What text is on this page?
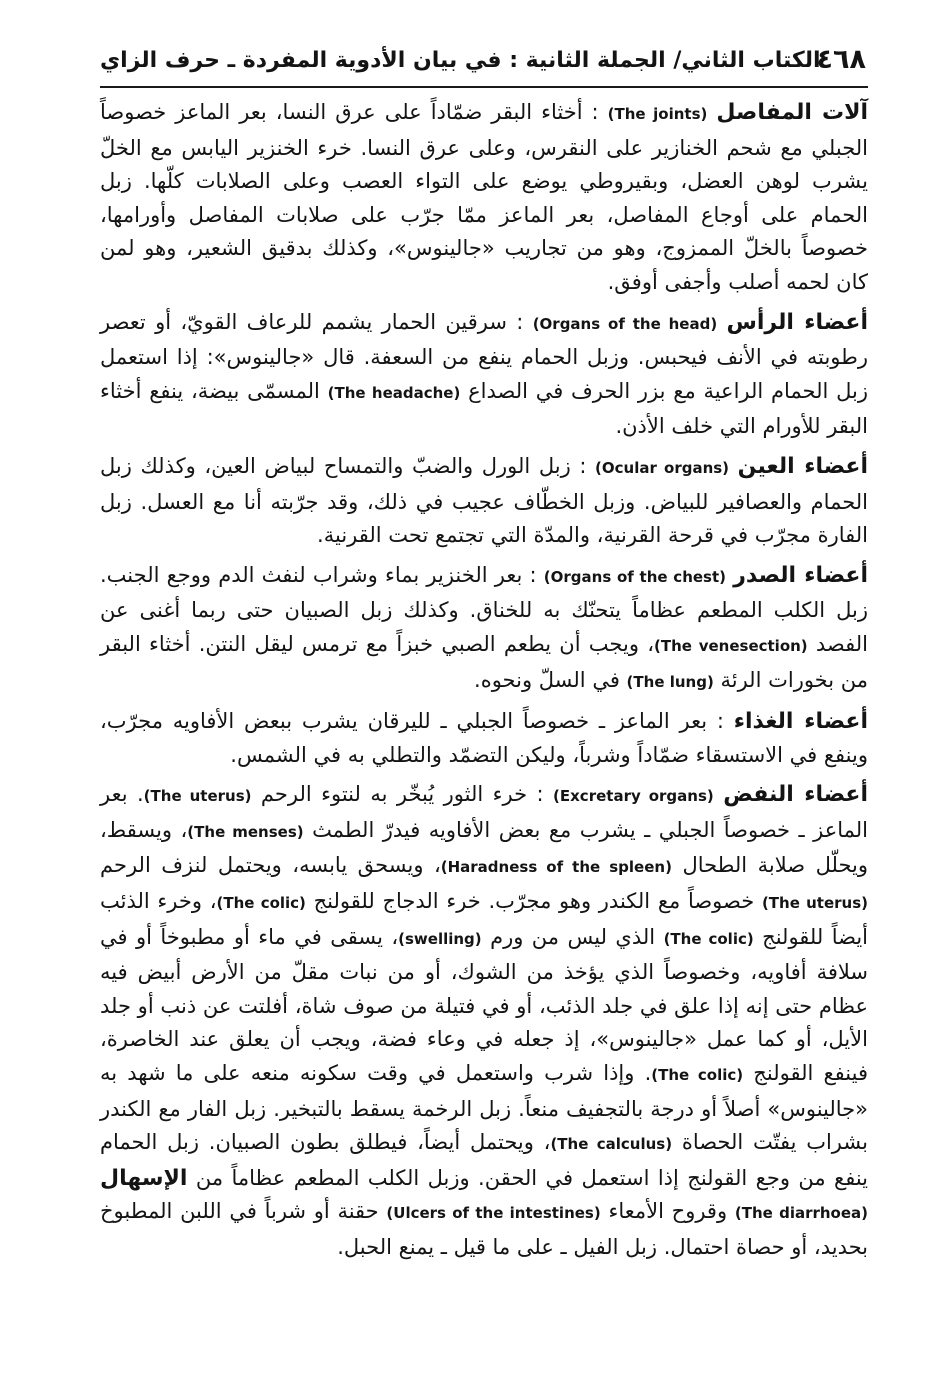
٤٦٨
الكتاب الثاني/ الجملة الثانية : في بيان الأدوية المفردة ـ حرف الزاي

آلات المفاصل (The joints) : أخثاء البقر ضمّاداً على عرق النسا، بعر الماعز خصوصاً الجبلي مع شحم الخنازير على النقرس، وعلى عرق النسا. خرء الخنزير اليابس مع الخلّ يشرب لوهن العضل، وبقيروطي يوضع على التواء العصب وعلى الصلابات كلّها. زبل الحمام على أوجاع المفاصل، بعر الماعز ممّا جرّب على صلابات المفاصل وأورامها، خصوصاً بالخلّ الممزوج، وهو من تجاريب «جالينوس»، وكذلك بدقيق الشعير، وهو لمن كان لحمه أصلب وأجفى أوفق.

أعضاء الرأس (Organs of the head) : سرقين الحمار يشمم للرعاف القويّ، أو تعصر رطوبته في الأنف فيحبس. وزبل الحمام ينفع من السعفة. قال «جالينوس»: إذا استعمل زبل الحمام الراعية مع بزر الحرف في الصداع (The headache) المسمّى بيضة، ينفع أخثاء البقر للأورام التي خلف الأذن.

أعضاء العين (Ocular organs) : زبل الورل والضبّ والتمساح لبياض العين، وكذلك زبل الحمام والعصافير للبياض. وزبل الخطّاف عجيب في ذلك، وقد جرّبته أنا مع العسل. زبل الفارة مجرّب في قرحة القرنية، والمدّة التي تجتمع تحت القرنية.

أعضاء الصدر (Organs of the chest) : بعر الخنزير بماء وشراب لنفث الدم ووجع الجنب. زبل الكلب المطعم عظاماً يتحنّك به للخناق. وكذلك زبل الصبيان حتى ربما أغنى عن الفصد (The venesection)، ويجب أن يطعم الصبي خبزاً مع ترمس ليقل النتن. أخثاء البقر من بخورات الرئة (The lung) في السلّ ونحوه.

أعضاء الغذاء : بعر الماعز ـ خصوصاً الجبلي ـ لليرقان يشرب ببعض الأفاويه مجرّب، وينفع في الاستسقاء ضمّاداً وشرباً، وليكن التضمّد والتطلي به في الشمس.

أعضاء النفض (Excretary organs) : خرء الثور يُبخّر به لنتوء الرحم (The uterus). بعر الماعز ـ خصوصاً الجبلي ـ يشرب مع بعض الأفاويه فيدرّ الطمث (The menses)، ويسقط، ويحلّل صلابة الطحال (Haradness of the spleen)، ويسحق يابسه، ويحتمل لنزف الرحم (The uterus) خصوصاً مع الكندر وهو مجرّب. خرء الدجاج للقولنج (The colic)، وخرء الذئب أيضاً للقولنج (The colic) الذي ليس من ورم (swelling)، يسقى في ماء أو مطبوخاً أو في سلافة أفاويه، وخصوصاً الذي يؤخذ من الشوك، أو من نبات مقلّ من الأرض أبيض فيه عظام حتى إنه إذا علق في جلد الذئب، أو في فتيلة من صوف شاة، أفلتت عن ذنب أو جلد الأيل، أو كما عمل «جالينوس»، إذ جعله في وعاء فضة، ويجب أن يعلق عند الخاصرة، فينفع القولنج (The colic). وإذا شرب واستعمل في وقت سكونه منعه على ما شهد به «جالينوس» أصلاً أو درجة بالتجفيف منعاً. زبل الرخمة يسقط بالتبخير. زبل الفار مع الكندر بشراب يفتّت الحصاة (The calculus)، ويحتمل أيضاً، فيطلق بطون الصبيان. زبل الحمام ينفع من وجع القولنج إذا استعمل في الحقن. وزبل الكلب المطعم عظاماً من الإسهال (The diarrhoea) وقروح الأمعاء (Ulcers of the intestines) حقنة أو شرباً في اللبن المطبوخ بحديد، أو حصاة احتمال. زبل الفيل ـ على ما قيل ـ يمنع الحبل.
